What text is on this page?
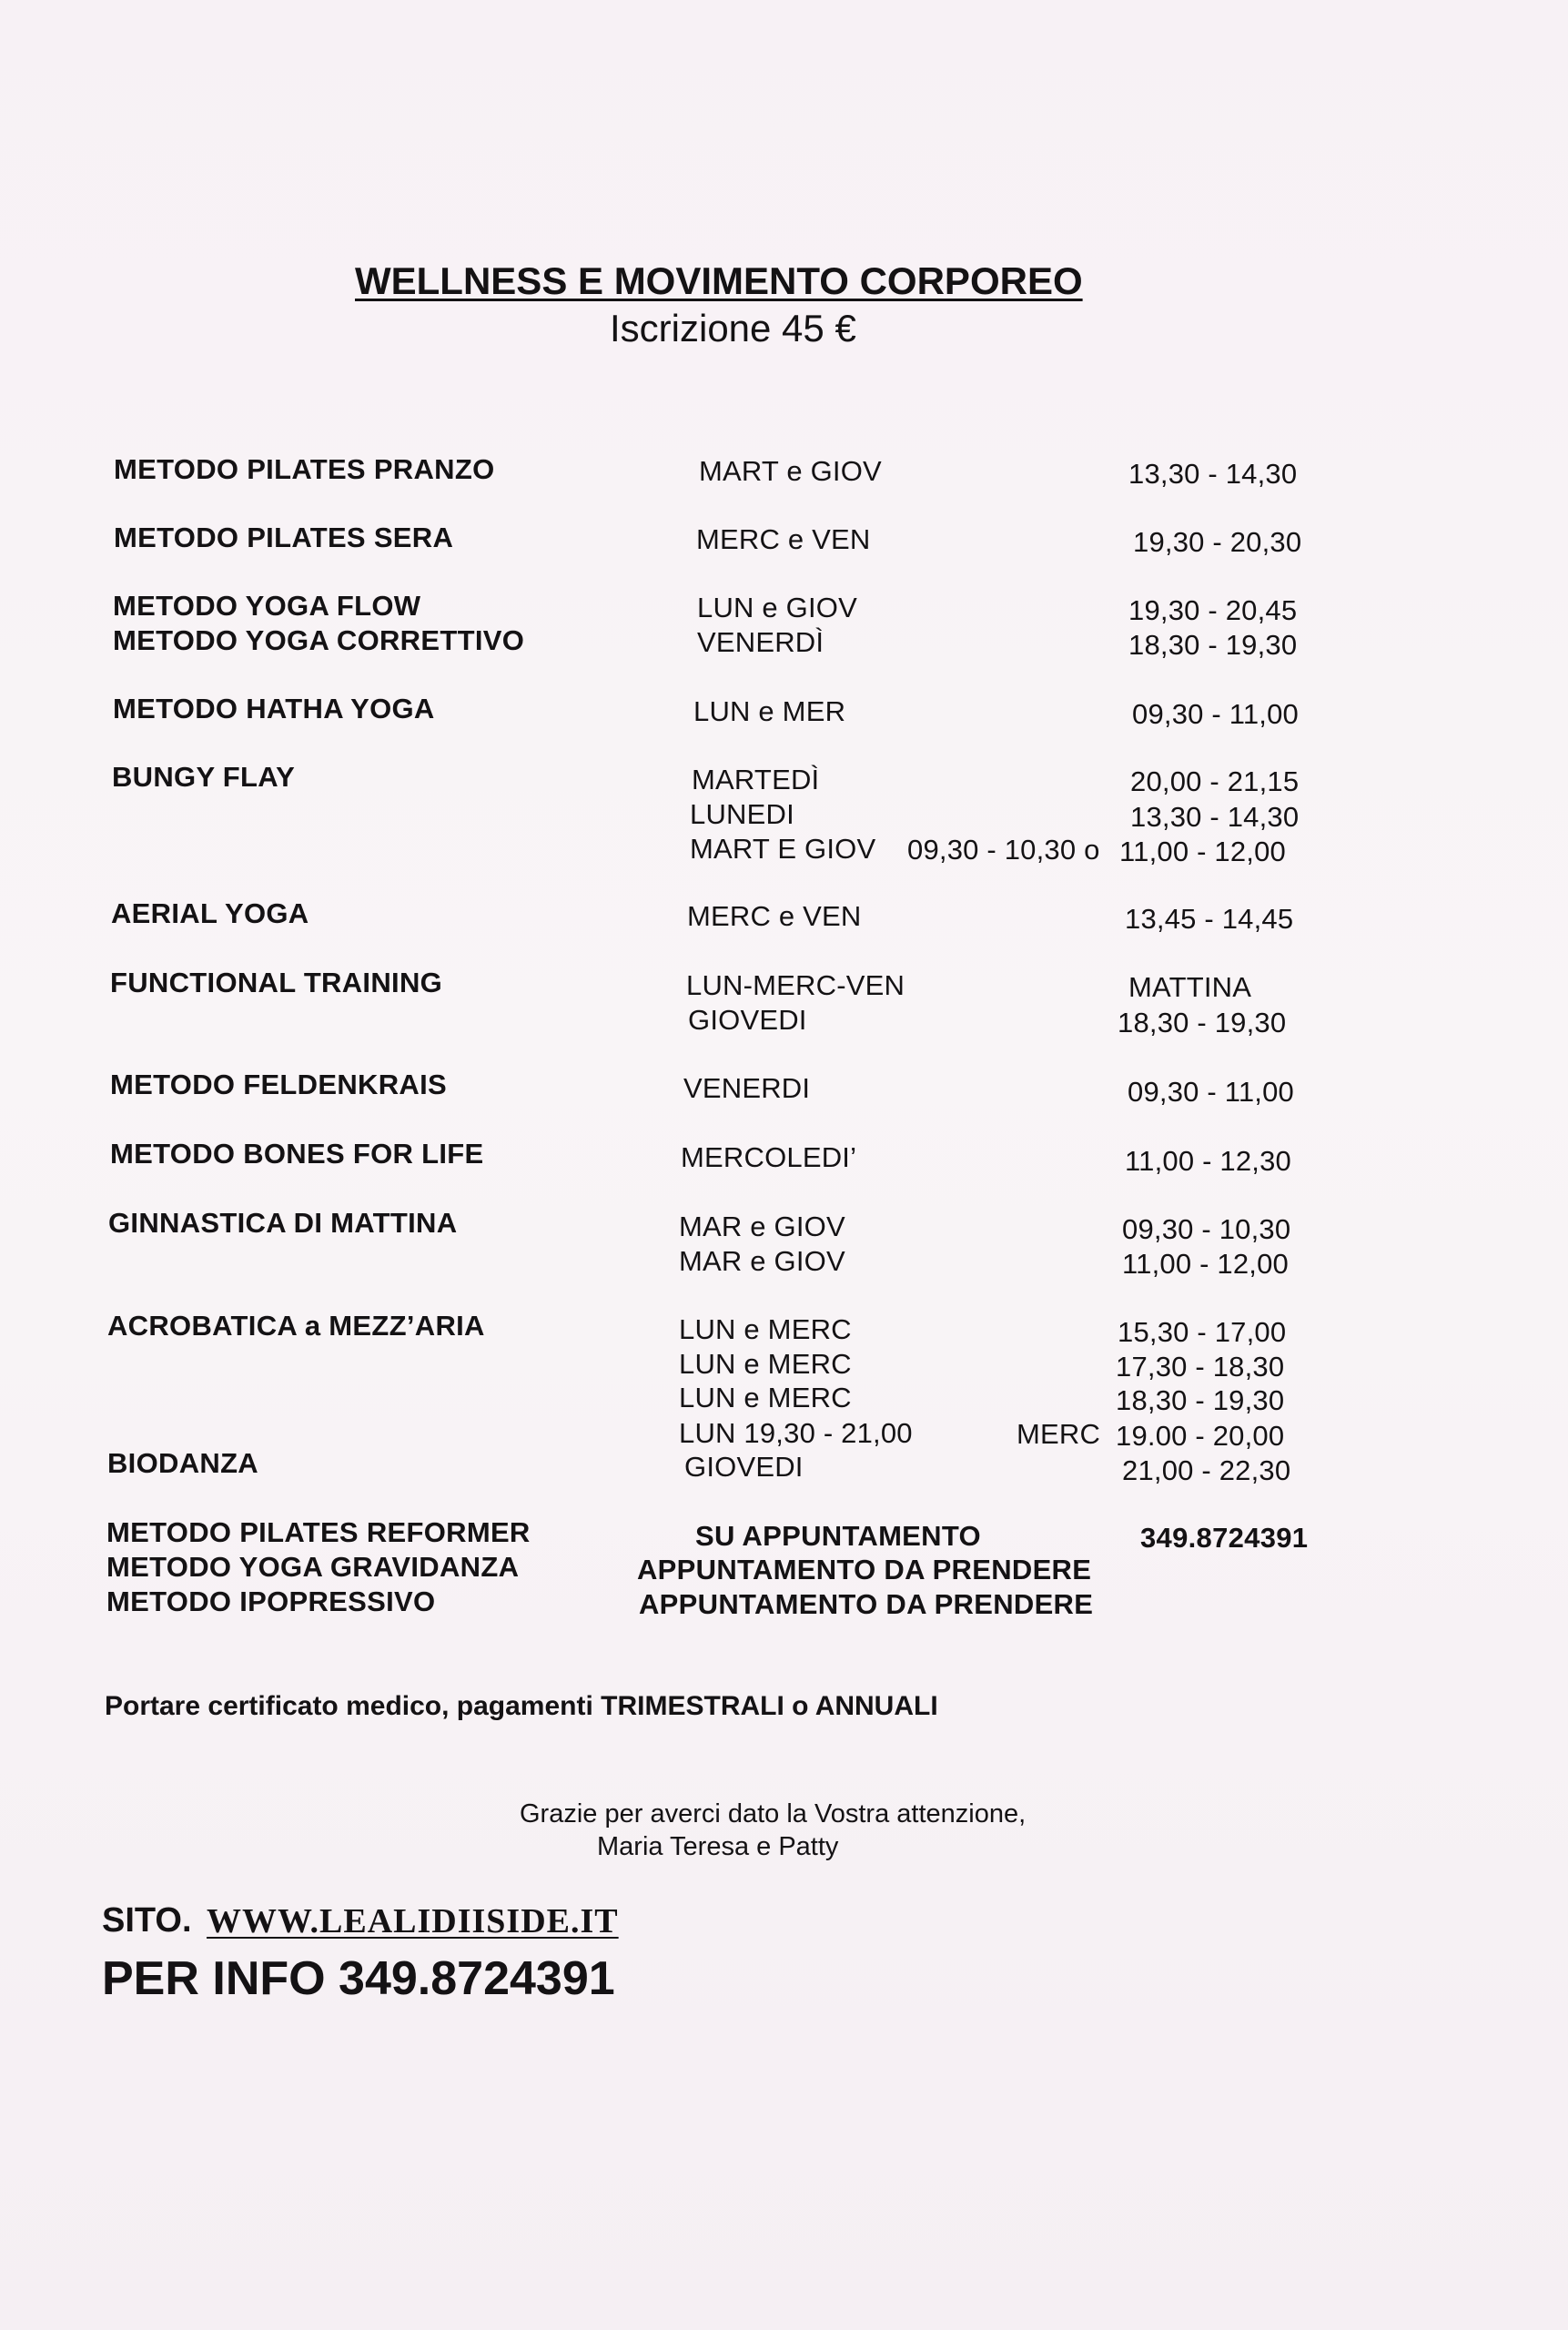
WELLNESS E MOVIMENTO CORPOREO
Iscrizione 45 €
METODO PILATES PRANZO	MART e GIOV	13,30 - 14,30
METODO PILATES SERA	MERC e VEN	19,30 - 20,30
METODO YOGA FLOW	LUN e GIOV	19,30 - 20,45
METODO YOGA CORRETTIVO	VENERDÌ	18,30 - 19,30
METODO HATHA YOGA	LUN e MER	09,30 - 11,00
BUNGY FLAY	MARTEDÌ	20,00 - 21,15
LUNEDI	13,30 - 14,30
MART E GIOV 09,30 - 10,30 o 11,00 - 12,00
AERIAL YOGA	MERC e VEN	13,45 - 14,45
FUNCTIONAL TRAINING	LUN-MERC-VEN	MATTINA
GIOVEDI	18,30 - 19,30
METODO FELDENKRAIS	VENERDI	09,30 - 11,00
METODO BONES FOR LIFE	MERCOLEDI’	11,00 - 12,30
GINNASTICA DI MATTINA	MAR e GIOV	09,30 - 10,30
MAR e GIOV	11,00 - 12,00
ACROBATICA a MEZZ’ARIA	LUN e MERC	15,30 - 17,00
LUN e MERC	17,30 - 18,30
LUN e MERC	18,30 - 19,30
LUN 19,30 - 21,00	MERC 19.00 - 20,00
BIODANZA	GIOVEDI	21,00 - 22,30
METODO PILATES REFORMER	SU APPUNTAMENTO	349.8724391
METODO YOGA GRAVIDANZA	APPUNTAMENTO DA PRENDERE
METODO IPOPRESSIVO	APPUNTAMENTO DA PRENDERE
Portare certificato medico, pagamenti TRIMESTRALI o ANNUALI
Grazie per averci dato la Vostra attenzione,
Maria Teresa e Patty
SITO. WWW.LEALIDIISIDE.IT
PER INFO 349.8724391
